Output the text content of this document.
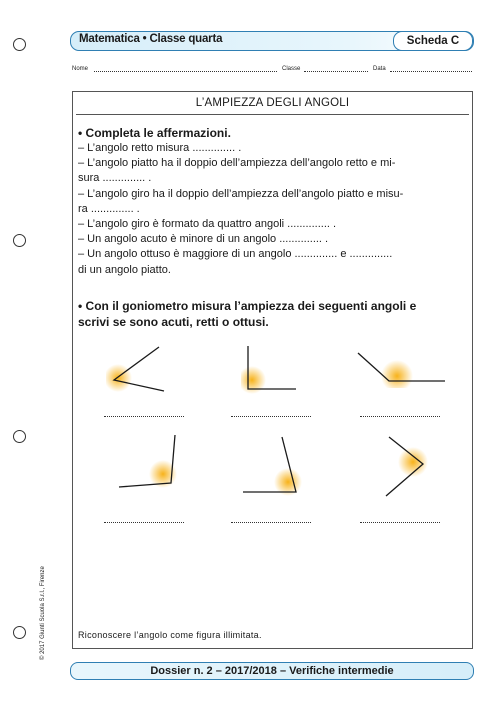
Matematica • Classe quarta	Scheda C
Nome	Classe	Data
L’AMPIEZZA DEGLI ANGOLI
• Completa le affermazioni.
– L’angolo retto misura .............. .
– L’angolo piatto ha il doppio dell’ampiezza dell’angolo retto e mi-
sura .............. .
– L’angolo giro ha il doppio dell’ampiezza dell’angolo piatto e misu-
ra .............. .
– L’angolo giro è formato da quattro angoli .............. .
– Un angolo acuto è minore di un angolo .............. .
– Un angolo ottuso è maggiore di un angolo .............. e ..............
di un angolo piatto.
• Con il goniometro misura l’ampiezza dei seguenti angoli e
scrivi se sono acuti, retti o ottusi.
Riconoscere l’angolo come figura illimitata.
© 2017 Giunti Scuola S.r.l., Firenze
Dossier n. 2 – 2017/2018 – Verifiche intermedie
